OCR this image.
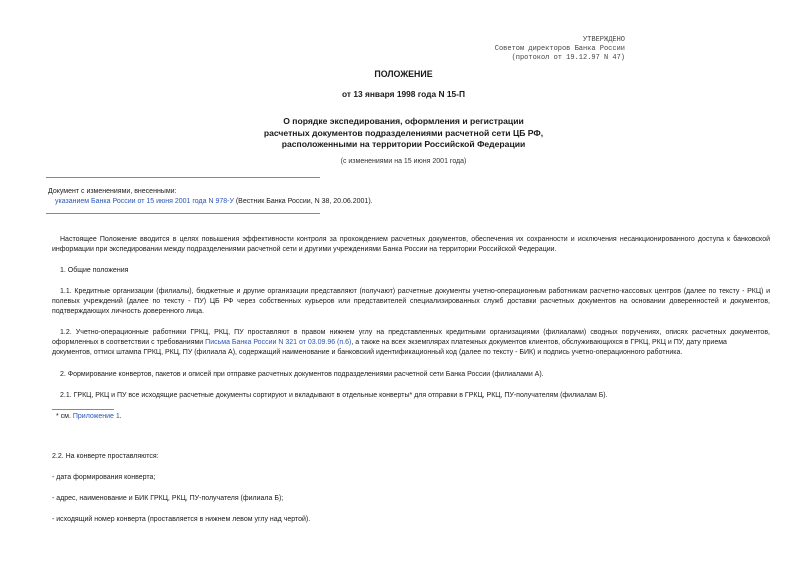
УТВЕРЖДЕНО
Советом директоров Банка России
(протокол от 19.12.97 N 47)
ПОЛОЖЕНИЕ
от 13 января 1998 года N 15-П
О порядке экспедирования, оформления и регистрации
расчетных документов подразделениями расчетной сети ЦБ РФ,
расположенными на территории Российской Федерации
(с изменениями на 15 июня 2001 года)
Документ с изменениями, внесенными:
указанием Банка России от 15 июня 2001 года N 978-У (Вестник Банка России, N 38, 20.06.2001).
Настоящее Положение вводится в целях повышения эффективности контроля за прохождением расчетных документов, обеспечения их сохранности и исключения несанкционированного доступа к банковской
информации при экспедировании между подразделениями расчетной сети и другими учреждениями Банка России на территории Российской Федерации.
1. Общие положения
1.1. Кредитные организации (филиалы), бюджетные и другие организации представляют (получают) расчетные документы учетно-операционным работникам расчетно-кассовых центров (далее по тексту - РКЦ) и
полевых учреждений (далее по тексту - ПУ) ЦБ РФ через собственных курьеров или представителей специализированных служб доставки расчетных документов на основании доверенностей и документов,
подтверждающих личность доверенного лица.
1.2. Учетно-операционные работники ГРКЦ, РКЦ, ПУ проставляют в правом нижнем углу на представленных кредитными организациями (филиалами) сводных поручениях, описях расчетных документов,
оформленных в соответствии с требованиями Письма Банка России N 321 от 03.09.96 (п.6), а также на всех экземплярах платежных документов клиентов, обслуживающихся в ГРКЦ, РКЦ и ПУ, дату приема
документов, оттиск штампа ГРКЦ, РКЦ, ПУ (филиала А), содержащий наименование и банковский идентификационный код (далее по тексту - БИК) и подпись учетно-операционного работника.
2. Формирование конвертов, пакетов и описей при отправке расчетных документов подразделениями расчетной сети Банка России (филиалами А).
2.1. ГРКЦ, РКЦ и ПУ все исходящие расчетные документы сортируют и вкладывают в отдельные конверты* для отправки в ГРКЦ, РКЦ, ПУ-получателям (филиалам Б).
* см. Приложение 1.
2.2. На конверте проставляются:
- дата формирования конверта;
- адрес, наименование и БИК ГРКЦ, РКЦ, ПУ-получателя (филиала Б);
- исходящий номер конверта (проставляется в нижнем левом углу над чертой).
